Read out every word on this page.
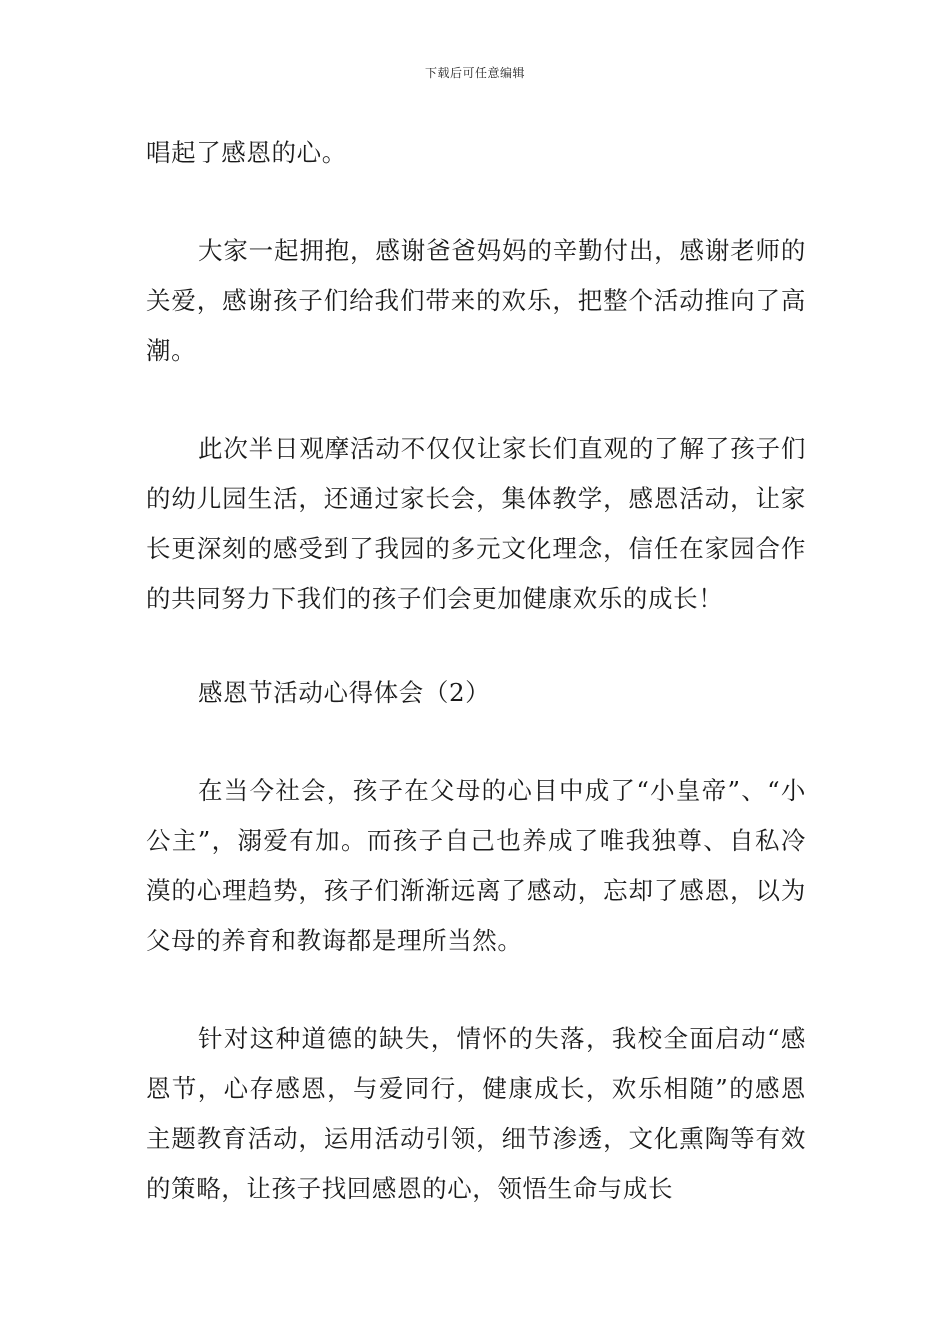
下载后可任意编辑

唱起了感恩的心。

大家一起拥抱，感谢爸爸妈妈的辛勤付出，感谢老师的关爱，感谢孩子们给我们带来的欢乐，把整个活动推向了高潮。

此次半日观摩活动不仅仅让家长们直观的了解了孩子们的幼儿园生活，还通过家长会，集体教学，感恩活动，让家长更深刻的感受到了我园的多元文化理念，信任在家园合作的共同努力下我们的孩子们会更加健康欢乐的成长！

感恩节活动心得体会（2）

在当今社会，孩子在父母的心目中成了“小皇帝”、“小公主”，溺爱有加。而孩子自己也养成了唯我独尊、自私冷漠的心理趋势，孩子们渐渐远离了感动，忘却了感恩，以为父母的养育和教诲都是理所当然。

针对这种道德的缺失，情怀的失落，我校全面启动“感恩节，心存感恩，与爱同行，健康成长，欢乐相随”的感恩主题教育活动，运用活动引领，细节渗透，文化熏陶等有效的策略，让孩子找回感恩的心，领悟生命与成长
